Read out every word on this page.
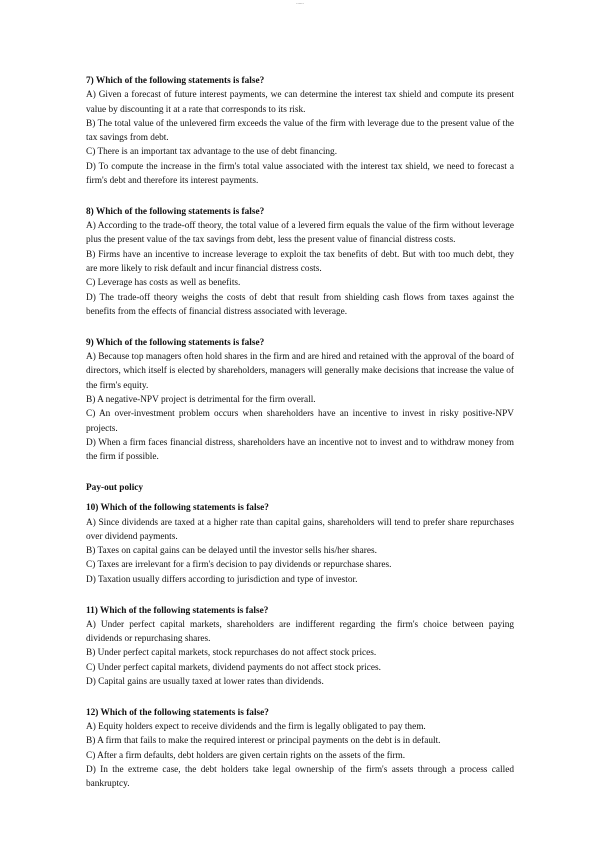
......
7) Which of the following statements is false?
A) Given a forecast of future interest payments, we can determine the interest tax shield and compute its present value by discounting it at a rate that corresponds to its risk.
B) The total value of the unlevered firm exceeds the value of the firm with leverage due to the present value of the tax savings from debt.
C) There is an important tax advantage to the use of debt financing.
D) To compute the increase in the firm's total value associated with the interest tax shield, we need to forecast a firm's debt and therefore its interest payments.
8) Which of the following statements is false?
A) According to the trade-off theory, the total value of a levered firm equals the value of the firm without leverage plus the present value of the tax savings from debt, less the present value of financial distress costs.
B) Firms have an incentive to increase leverage to exploit the tax benefits of debt. But with too much debt, they are more likely to risk default and incur financial distress costs.
C) Leverage has costs as well as benefits.
D) The trade-off theory weighs the costs of debt that result from shielding cash flows from taxes against the benefits from the effects of financial distress associated with leverage.
9) Which of the following statements is false?
A) Because top managers often hold shares in the firm and are hired and retained with the approval of the board of directors, which itself is elected by shareholders, managers will generally make decisions that increase the value of the firm's equity.
B) A negative-NPV project is detrimental for the firm overall.
C) An over-investment problem occurs when shareholders have an incentive to invest in risky positive-NPV projects.
D) When a firm faces financial distress, shareholders have an incentive not to invest and to withdraw money from the firm if possible.
Pay-out policy
10) Which of the following statements is false?
A) Since dividends are taxed at a higher rate than capital gains, shareholders will tend to prefer share repurchases over dividend payments.
B) Taxes on capital gains can be delayed until the investor sells his/her shares.
C) Taxes are irrelevant for a firm's decision to pay dividends or repurchase shares.
D) Taxation usually differs according to jurisdiction and type of investor.
11) Which of the following statements is false?
A) Under perfect capital markets, shareholders are indifferent regarding the firm's choice between paying dividends or repurchasing shares.
B) Under perfect capital markets, stock repurchases do not affect stock prices.
C) Under perfect capital markets, dividend payments do not affect stock prices.
D) Capital gains are usually taxed at lower rates than dividends.
12) Which of the following statements is false?
A) Equity holders expect to receive dividends and the firm is legally obligated to pay them.
B) A firm that fails to make the required interest or principal payments on the debt is in default.
C) After a firm defaults, debt holders are given certain rights on the assets of the firm.
D) In the extreme case, the debt holders take legal ownership of the firm's assets through a process called bankruptcy.
